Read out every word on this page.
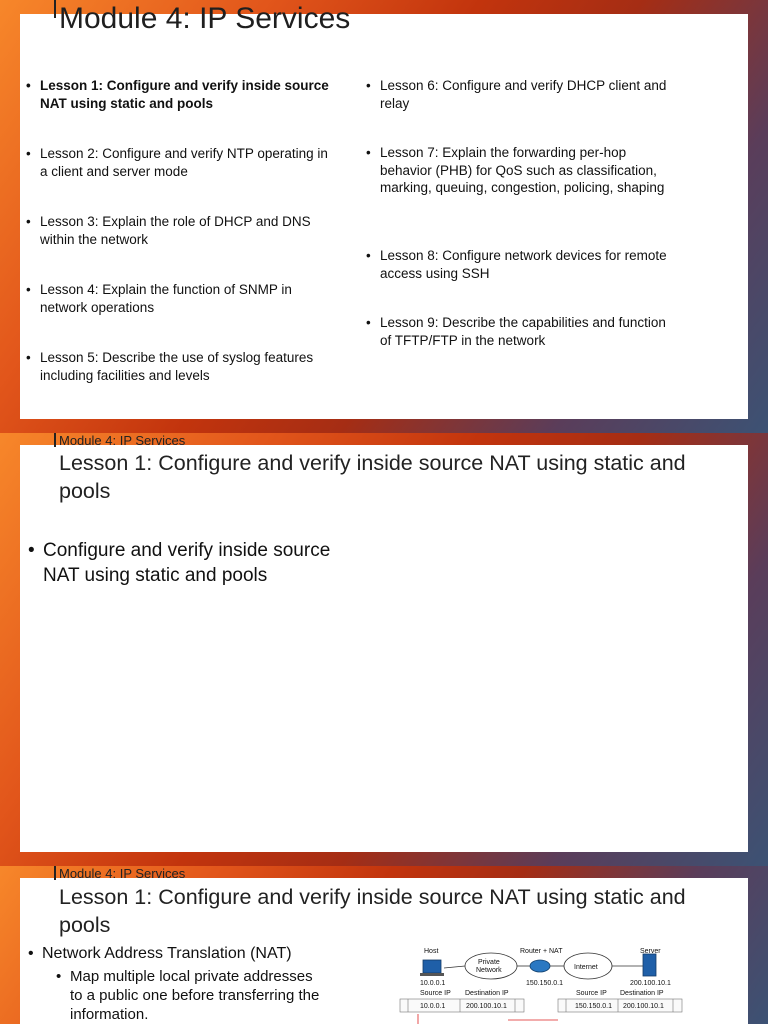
Module 4: IP Services
• Lesson 1: Configure and verify inside source NAT using static and pools
• Lesson 2: Configure and verify NTP operating in a client and server mode
• Lesson 3: Explain the role of DHCP and DNS within the network
• Lesson 4: Explain the function of SNMP in network operations
• Lesson 5: Describe the use of syslog features including facilities and levels
• Lesson 6: Configure and verify DHCP client and relay
• Lesson 7: Explain the forwarding per-hop behavior (PHB) for QoS such as classification, marking, queuing, congestion, policing, shaping
• Lesson 8: Configure network devices for remote access using SSH
• Lesson 9: Describe the capabilities and function of TFTP/FTP in the network
Module 4: IP Services
Lesson 1: Configure and verify inside source NAT using static and pools
• Configure and verify inside source NAT using static and pools
Module 4: IP Services
Lesson 1: Configure and verify inside source NAT using static and pools
• Network Address Translation (NAT)
• Map multiple local private addresses to a public one before transferring the information.
Host
10.0.0.1
Private
Network
Router + NAT
150.150.0.1
Internet
Server
200.100.10.1
Source IP Destination IP	Source IP Destination IP
10.0.0.1	200.100.10.1	150.150.0.1 200.100.10.1
